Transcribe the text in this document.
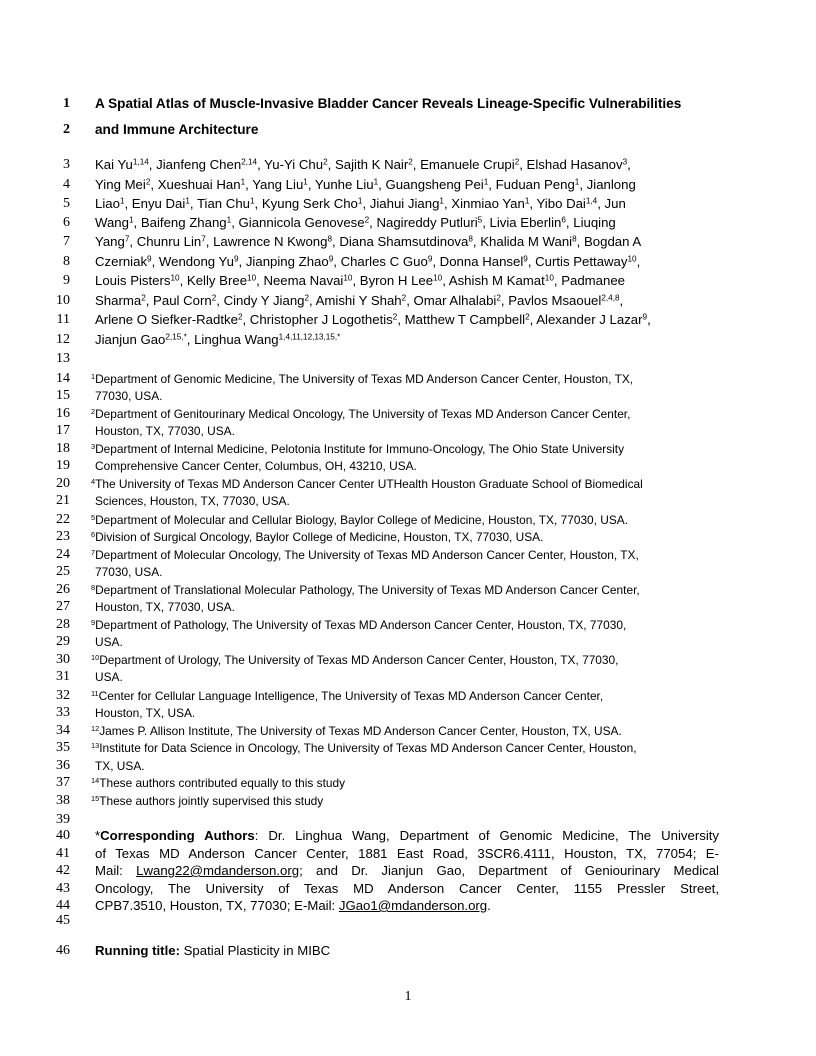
1 A Spatial Atlas of Muscle-Invasive Bladder Cancer Reveals Lineage-Specific Vulnerabilities
2 and Immune Architecture
3 Kai Yu$^{1,14}$, Jianfeng Chen$^{2,14}$, Yu-Yi Chu$^2$, Sajith K Nair$^2$, Emanuele Crupi$^2$, Elshad Hasanov$^3$,
4 Ying Mei$^2$, Xueshuai Han$^1$, Yang Liu$^1$, Yunhe Liu$^1$, Guangsheng Pei$^1$, Fuduan Peng$^1$, Jianlong
5 Liao$^1$, Enyu Dai$^1$, Tian Chu$^1$, Kyung Serk Cho$^1$, Jiahui Jiang$^1$, Xinmiao Yan$^1$, Yibo Dai$^{1,4}$, Jun
6 Wang$^1$, Baifeng Zhang$^1$, Giannicola Genovese$^2$, Nagireddy Putluri$^5$, Livia Eberlin$^6$, Liuqing
7 Yang$^7$, Chunru Lin$^7$, Lawrence N Kwong$^8$, Diana Shamsutdinova$^8$, Khalida M Wani$^8$, Bogdan A
8 Czerniak$^9$, Wendong Yu$^9$, Jianping Zhao$^9$, Charles C Guo$^9$, Donna Hansel$^9$, Curtis Pettaway$^{10}$,
9 Louis Pisters$^{10}$, Kelly Bree$^{10}$, Neema Navai$^{10}$, Byron H Lee$^{10}$, Ashish M Kamat$^{10}$, Padmanee
10 Sharma$^2$, Paul Corn$^2$, Cindy Y Jiang$^2$, Amishi Y Shah$^2$, Omar Alhalabi$^2$, Pavlos Msaouel$^{2,4,8}$,
11 Arlene O Siefker-Radtke$^2$, Christopher J Logothetis$^2$, Matthew T Campbell$^2$, Alexander J Lazar$^9$,
12 Jianjun Gao$^{2,15,*}$, Linghua Wang$^{1,4,11,12,13,15,*}$
13
14	$^1$Department of Genomic Medicine, The University of Texas MD Anderson Cancer Center, Houston, TX,
15 77030, USA.
16	$^2$Department of Genitourinary Medical Oncology, The University of Texas MD Anderson Cancer Center,
17 Houston, TX, 77030, USA.
18	$^3$Department of Internal Medicine, Pelotonia Institute for Immuno-Oncology, The Ohio State University
19 Comprehensive Cancer Center, Columbus, OH, 43210, USA.
20	$^4$The University of Texas MD Anderson Cancer Center UTHealth Houston Graduate School of Biomedical
21 Sciences, Houston, TX, 77030, USA.
22	$^5$Department of Molecular and Cellular Biology, Baylor College of Medicine, Houston, TX, 77030, USA.
23	$^6$Division of Surgical Oncology, Baylor College of Medicine, Houston, TX, 77030, USA.
24	$^7$Department of Molecular Oncology, The University of Texas MD Anderson Cancer Center, Houston, TX,
25 77030, USA.
26	$^8$Department of Translational Molecular Pathology, The University of Texas MD Anderson Cancer Center,
27 Houston, TX, 77030, USA.
28	$^9$Department of Pathology, The University of Texas MD Anderson Cancer Center, Houston, TX, 77030,
29 USA.
30	$^{10}$Department of Urology, The University of Texas MD Anderson Cancer Center, Houston, TX, 77030,
31 USA.
32	$^{11}$Center for Cellular Language Intelligence, The University of Texas MD Anderson Cancer Center,
33 Houston, TX, USA.
34	$^{12}$James P. Allison Institute, The University of Texas MD Anderson Cancer Center, Houston, TX, USA.
35	$^{13}$Institute for Data Science in Oncology, The University of Texas MD Anderson Cancer Center, Houston,
36 TX, USA.
37	$^{14}$These authors contributed equally to this study
38	$^{15}$These authors jointly supervised this study
39
40 *Corresponding Authors: Dr. Linghua Wang, Department of Genomic Medicine, The University
41 of Texas MD Anderson Cancer Center, 1881 East Road, 3SCR6.4111, Houston, TX, 77054; E-
42 Mail: Lwang22@mdanderson.org; and Dr. Jianjun Gao, Department of Geniourinary Medical
43 Oncology, The University of Texas MD Anderson Cancer Center, 1155 Pressler Street,
44 CPB7.3510, Houston, TX, 77030; E-Mail: JGao1@mdanderson.org.
45
46 Running title: Spatial Plasticity in MIBC
1
